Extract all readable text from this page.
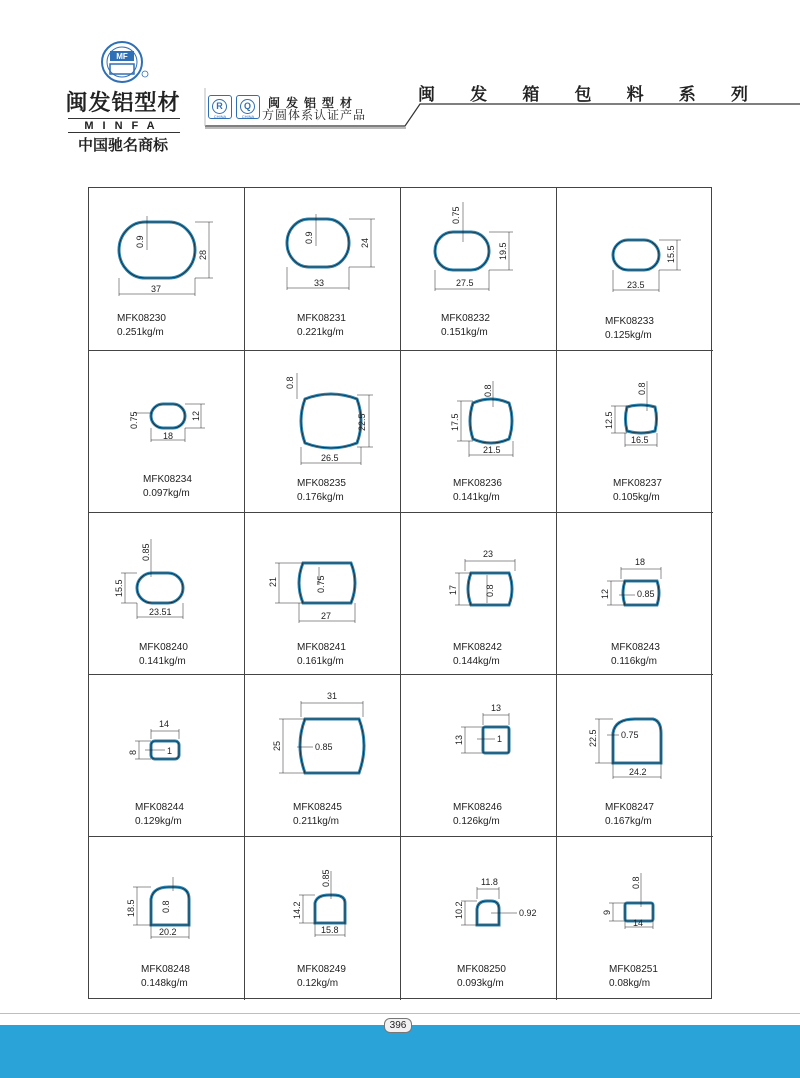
MF
闽发铝型材
MINFA
中国驰名商标
R
CHINA
Q
CHINA
闽发铝型材
方圆体系认证产品
闽 发 箱 包 料 系 列
0.9
28
37
MFK08230
0.251kg/m
0.9	24
33
MFK08231
0.221kg/m
0.75
19.5
27.5
MFK08232
0.151kg/m
15.5
23.5
MFK08233
0.125kg/m
0.75	12
18
MFK08234
0.097kg/m
0.8
22.5
26.5
MFK08235
0.176kg/m
0.8
17.5
21.5
MFK08236
0.141kg/m
0.8
12.5
16.5
MFK08237
0.105kg/m
0.85
15.5
23.51
MFK08240
0.141kg/m
0.75
21
27
MFK08241
0.161kg/m
0.8
17
23
MFK08242
0.144kg/m
12	0.85
18
MFK08243
0.116kg/m
8	1
14
MFK08244
0.129kg/m
25	0.85
31
MFK08245
0.211kg/m
13	1
13
MFK08246
0.126kg/m
22.5	0.75
24.2
MFK08247
0.167kg/m
0.8
18.5
20.2
MFK08248
0.148kg/m
0.85
14.2
15.8
MFK08249
0.12kg/m
10.2	0.92
11.8
MFK08250
0.093kg/m
0.8
9
14
MFK08251
0.08kg/m
396
